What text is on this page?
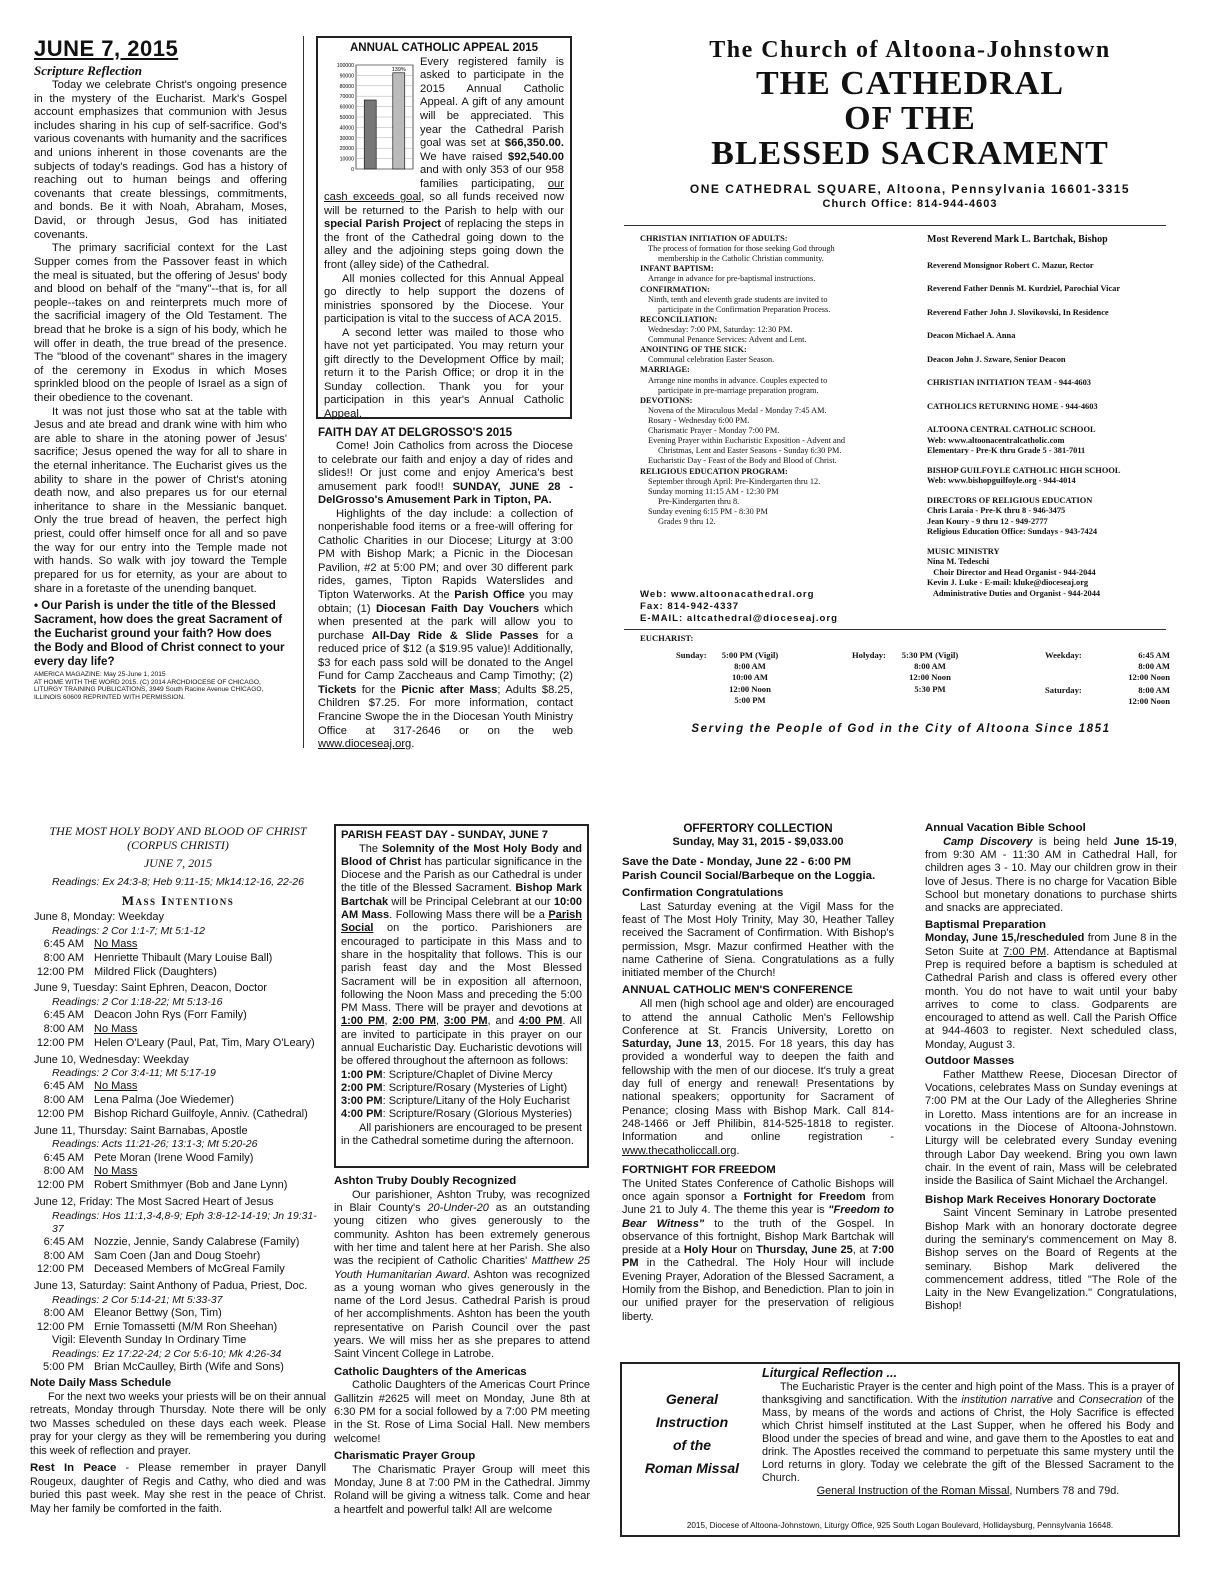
JUNE 7, 2015
Scripture Reflection

Today we celebrate Christ's ongoing presence in the mystery of the Eucharist. Mark's Gospel account emphasizes that communion with Jesus includes sharing in his cup of self-sacrifice. God's various covenants with humanity and the sacrifices and unions inherent in those covenants are the subjects of today's readings. God has a history of reaching out to human beings and offering covenants that create blessings, commitments, and bonds. Be it with Noah, Abraham, Moses, David, or through Jesus, God has initiated covenants.

The primary sacrificial context for the Last Supper comes from the Passover feast in which the meal is situated, but the offering of Jesus' body and blood on behalf of the "many"--that is, for all people--takes on and reinterprets much more of the sacrificial imagery of the Old Testament. The bread that he broke is a sign of his body, which he will offer in death, the true bread of the presence. The "blood of the covenant" shares in the imagery of the ceremony in Exodus in which Moses sprinkled blood on the people of Israel as a sign of their obedience to the covenant.

It was not just those who sat at the table with Jesus and ate bread and drank wine with him who are able to share in the atoning power of Jesus' sacrifice; Jesus opened the way for all to share in the eternal inheritance. The Eucharist gives us the ability to share in the power of Christ's atoning death now, and also prepares us for our eternal inheritance to share in the Messianic banquet. Only the true bread of heaven, the perfect high priest, could offer himself once for all and so pave the way for our entry into the Temple made not with hands. So walk with joy toward the Temple prepared for us for eternity, as your are about to share in a foretaste of the unending banquet.

• Our Parish is under the title of the Blessed Sacrament, how does the great Sacrament of the Eucharist ground your faith? How does the Body and Blood of Christ connect to your every day life?

AMERICA MAGAZINE: May 25-June 1, 2015
AT HOME WITH THE WORD 2015. (C) 2014 ARCHDIOCESE OF CHICAGO, LITURGY TRAINING PUBLICATIONS, 3949 South Racine Avenue CHICAGO, ILLINOIS 60609 REPRINTED WITH PERMISSION.
ANNUAL CATHOLIC APPEAL 2015
100000
90000
80000
70000
60000
50000
40000
30000
20000
10000
0
139%

Every registered family is asked to participate in the 2015 Annual Catholic Appeal. A gift of any amount will be appreciated. This year the Cathedral Parish goal was set at $66,350.00. We have raised $92,540.00 and with only 353 of our 958 families participating, our cash exceeds goal, so all funds received now will be returned to the Parish to help with our special Parish Project of replacing the steps in the front of the Cathedral going down to the alley and the adjoining steps going down the front (alley side) of the Cathedral.

All monies collected for this Annual Appeal go directly to help support the dozens of ministries sponsored by the Diocese. Your participation is vital to the success of ACA 2015.

A second letter was mailed to those who have not yet participated. You may return your gift directly to the Development Office by mail; return it to the Parish Office; or drop it in the Sunday collection. Thank you for your participation in this year's Annual Catholic Appeal.

FAITH DAY AT DELGROSSO'S 2015

Come! Join Catholics from across the Diocese to celebrate our faith and enjoy a day of rides and slides!! Or just come and enjoy America's best amusement park food!! SUNDAY, JUNE 28 - DelGrosso's Amusement Park in Tipton, PA.

Highlights of the day include: a collection of nonperishable food items or a free-will offering for Catholic Charities in our Diocese; Liturgy at 3:00 PM with Bishop Mark; a Picnic in the Diocesan Pavilion, #2 at 5:00 PM; and over 30 different park rides, games, Tipton Rapids Waterslides and Tipton Waterworks. At the Parish Office you may obtain; (1) Diocesan Faith Day Vouchers which when presented at the park will allow you to purchase All-Day Ride & Slide Passes for a reduced price of $12 (a $19.95 value)! Additionally, $3 for each pass sold will be donated to the Angel Fund for Camp Zaccheaus and Camp Timothy; (2) Tickets for the Picnic after Mass; Adults $8.25, Children $7.25. For more information, contact Francine Swope the in the Diocesan Youth Ministry Office at 317-2646 or on the web www.dioceseaj.org.

The Church of Altoona-Johnstown
THE CATHEDRAL
OF THE
BLESSED SACRAMENT
ONE CATHEDRAL SQUARE, Altoona, Pennsylvania 16601-3315
Church Office: 814-944-4603
CHRISTIAN INITIATION OF ADULTS:
The process of formation for those seeking God through
membership in the Catholic Christian community.
INFANT BAPTISM:
Arrange in advance for pre-baptismal instructions.
CONFIRMATION:
Ninth, tenth and eleventh grade students are invited to
participate in the Confirmation Preparation Process.
RECONCILIATION:
Wednesday: 7:00 PM, Saturday: 12:30 PM.
Communal Penance Services: Advent and Lent.
ANOINTING OF THE SICK:
Communal celebration Easter Season.
MARRIAGE:
Arrange nine months in advance. Couples expected to
participate in pre-marriage preparation program.
DEVOTIONS:
Novena of the Miraculous Medal - Monday 7:45 AM.
Rosary - Wednesday 6:00 PM.
Charismatic Prayer - Monday 7:00 PM.
Evening Prayer within Eucharistic Exposition - Advent and
Christmas, Lent and Easter Seasons - Sunday 6:30 PM.
Eucharistic Day - Feast of the Body and Blood of Christ.
RELIGIOUS EDUCATION PROGRAM:
September through April: Pre-Kindergarten thru 12.
Sunday morning 11:15 AM - 12:30 PM
Pre-Kindergarten thru 8.
Sunday evening 6:15 PM - 8:30 PM
Grades 9 thru 12.
Web: www.altoonacathedral.org
Fax: 814-942-4337
E-MAIL: altcathedral@dioceseaj.org
Most Reverend Mark L. Bartchak, Bishop
Reverend Monsignor Robert C. Mazur, Rector
Reverend Father Dennis M. Kurdziel, Parochial Vicar
Reverend Father John J. Slovikovski, In Residence
Deacon Michael A. Anna
Deacon John J. Szware, Senior Deacon
CHRISTIAN INITIATION TEAM - 944-4603
CATHOLICS RETURNING HOME - 944-4603
ALTOONA CENTRAL CATHOLIC SCHOOL
Web: www.altoonacentralcatholic.com
Elementary - Pre-K thru Grade 5 - 381-7011
BISHOP GUILFOYLE CATHOLIC HIGH SCHOOL
Web: www.bishopguilfoyle.org - 944-4014
DIRECTORS OF RELIGIOUS EDUCATION
Chris Laraia - Pre-K thru 8 - 946-3475
Jean Koury - 9 thru 12 - 949-2777
Religious Education Office: Sundays - 943-7424
MUSIC MINISTRY
Nina M. Tedeschi
Choir Director and Head Organist - 944-2044
Kevin J. Luke - E-mail: kluke@dioceseaj.org
Administrative Duties and Organist - 944-2044
EUCHARIST:
Sunday:	5:00 PM (Vigil)
8:00 AM
10:00 AM
12:00 Noon
5:00 PM
Holyday:	5:30 PM (Vigil)
8:00 AM
12:00 Noon
5:30 PM
Weekday:	6:45 AM
8:00 AM
12:00 Noon
Saturday:	8:00 AM
12:00 Noon
Serving the People of God in the City of Altoona Since 1851
THE MOST HOLY BODY AND BLOOD OF CHRIST
(CORPUS CHRISTI)
JUNE 7, 2015
Readings: Ex 24:3-8; Heb 9:11-15; Mk14:12-16, 22-26
Mass Intentions
June 8, Monday: Weekday
Readings: 2 Cor 1:1-7; Mt 5:1-12
6:45 AM No Mass
8:00 AM Henriette Thibault (Mary Louise Ball)
12:00 PM Mildred Flick (Daughters)
June 9, Tuesday: Saint Ephren, Deacon, Doctor
Readings: 2 Cor 1:18-22; Mt 5:13-16
6:45 AM Deacon John Rys (Forr Family)
8:00 AM No Mass
12:00 PM Helen O'Leary (Paul, Pat, Tim, Mary O'Leary)
June 10, Wednesday: Weekday
Readings: 2 Cor 3:4-11; Mt 5:17-19
6:45 AM No Mass
8:00 AM Lena Palma (Joe Wiedemer)
12:00 PM Bishop Richard Guilfoyle, Anniv. (Cathedral)
June 11, Thursday: Saint Barnabas, Apostle
Readings: Acts 11:21-26; 13:1-3; Mt 5:20-26
6:45 AM Pete Moran (Irene Wood Family)
8:00 AM No Mass
12:00 PM Robert Smithmyer (Bob and Jane Lynn)
June 12, Friday: The Most Sacred Heart of Jesus
Readings: Hos 11:1,3-4,8-9; Eph 3:8-12-14-19; Jn 19:31-37
6:45 AM Nozzie, Jennie, Sandy Calabrese (Family)
8:00 AM Sam Coen (Jan and Doug Stoehr)
12:00 PM Deceased Members of McGreal Family
June 13, Saturday: Saint Anthony of Padua, Priest, Doc.
Readings: 2 Cor 5:14-21; Mt 5:33-37
8:00 AM Eleanor Bettwy (Son, Tim)
12:00 PM Ernie Tomassetti (M/M Ron Sheehan)
Vigil: Eleventh Sunday In Ordinary Time
Readings: Ez 17:22-24; 2 Cor 5:6-10; Mk 4:26-34
5:00 PM Brian McCaulley, Birth (Wife and Sons)
Note Daily Mass Schedule

For the next two weeks your priests will be on their annual retreats, Monday through Thursday. Note there will be only two Masses scheduled on these days each week. Please pray for your clergy as they will be remembering you during this week of reflection and prayer.

Rest In Peace - Please remember in prayer Danyll Rougeux, daughter of Regis and Cathy, who died and was buried this past week. May she rest in the peace of Christ. May her family be comforted in the faith.

PARISH FEAST DAY - SUNDAY, JUNE 7

The Solemnity of the Most Holy Body and Blood of Christ has particular significance in the Diocese and the Parish as our Cathedral is under the title of the Blessed Sacrament. Bishop Mark Bartchak will be Principal Celebrant at our 10:00 AM Mass. Following Mass there will be a Parish Social on the portico. Parishioners are encouraged to participate in this Mass and to share in the hospitality that follows. This is our parish feast day and the Most Blessed Sacrament will be in exposition all afternoon, following the Noon Mass and preceding the 5:00 PM Mass. There will be prayer and devotions at 1:00 PM, 2:00 PM, 3:00 PM, and 4:00 PM. All are invited to participate in this prayer on our annual Eucharistic Day. Eucharistic devotions will be offered throughout the afternoon as follows:

1:00 PM: Scripture/Chaplet of Divine Mercy
2:00 PM: Scripture/Rosary (Mysteries of Light)
3:00 PM: Scripture/Litany of the Holy Eucharist
4:00 PM: Scripture/Rosary (Glorious Mysteries)

All parishioners are encouraged to be present in the Cathedral sometime during the afternoon.

Ashton Truby Doubly Recognized

Our parishioner, Ashton Truby, was recognized in Blair County's 20-Under-20 as an outstanding young citizen who gives generously to the community. Ashton has been extremely generous with her time and talent here at her Parish. She also was the recipient of Catholic Charities' Matthew 25 Youth Humanitarian Award. Ashton was recognized as a young woman who gives generously in the name of the Lord Jesus. Cathedral Parish is proud of her accomplishments. Ashton has been the youth representative on Parish Council over the past years. We will miss her as she prepares to attend Saint Vincent College in Latrobe.

Catholic Daughters of the Americas

Catholic Daughters of the Americas Court Prince Gallitzin #2625 will meet on Monday, June 8th at 6:30 PM for a social followed by a 7:00 PM meeting in the St. Rose of Lima Social Hall. New members welcome!

Charismatic Prayer Group

The Charismatic Prayer Group will meet this Monday, June 8 at 7:00 PM in the Cathedral. Jimmy Roland will be giving a witness talk. Come and hear a heartfelt and powerful talk! All are welcome

OFFERTORY COLLECTION
Sunday, May 31, 2015 - $9,033.00
Save the Date - Monday, June 22 - 6:00 PM
Parish Council Social/Barbeque on the Loggia.
Confirmation Congratulations

Last Saturday evening at the Vigil Mass for the feast of The Most Holy Trinity, May 30, Heather Talley received the Sacrament of Confirmation. With Bishop's permission, Msgr. Mazur confirmed Heather with the name Catherine of Siena. Congratulations as a fully initiated member of the Church!

ANNUAL CATHOLIC MEN'S CONFERENCE

All men (high school age and older) are encouraged to attend the annual Catholic Men's Fellowship Conference at St. Francis University, Loretto on Saturday, June 13, 2015. For 18 years, this day has provided a wonderful way to deepen the faith and fellowship with the men of our diocese. It's truly a great day full of energy and renewal! Presentations by national speakers; opportunity for Sacrament of Penance; closing Mass with Bishop Mark. Call 814-248-1466 or Jeff Philibin, 814-525-1818 to register. Information and online registration - www.thecatholiccall.org.

FORTNIGHT FOR FREEDOM

The United States Conference of Catholic Bishops will once again sponsor a Fortnight for Freedom from June 21 to July 4. The theme this year is "Freedom to Bear Witness" to the truth of the Gospel. In observance of this fortnight, Bishop Mark Bartchak will preside at a Holy Hour on Thursday, June 25, at 7:00 PM in the Cathedral. The Holy Hour will include Evening Prayer, Adoration of the Blessed Sacrament, a Homily from the Bishop, and Benediction. Plan to join in our unified prayer for the preservation of religious liberty.

Annual Vacation Bible School

Camp Discovery is being held June 15-19, from 9:30 AM - 11:30 AM in Cathedral Hall, for children ages 3 - 10. May our children grow in their love of Jesus. There is no charge for Vacation Bible School but monetary donations to purchase shirts and snacks are appreciated.

Baptismal Preparation

Monday, June 15,/rescheduled from June 8 in the Seton Suite at 7:00 PM. Attendance at Baptismal Prep is required before a baptism is scheduled at Cathedral Parish and class is offered every other month. You do not have to wait until your baby arrives to come to class. Godparents are encouraged to attend as well. Call the Parish Office at 944-4603 to register. Next scheduled class, Monday, August 3.

Outdoor Masses

Father Matthew Reese, Diocesan Director of Vocations, celebrates Mass on Sunday evenings at 7:00 PM at the Our Lady of the Allegheries Shrine in Loretto. Mass intentions are for an increase in vocations in the Diocese of Altoona-Johnstown. Liturgy will be celebrated every Sunday evening through Labor Day weekend. Bring you own lawn chair. In the event of rain, Mass will be celebrated inside the Basilica of Saint Michael the Archangel.

Bishop Mark Receives Honorary Doctorate

Saint Vincent Seminary in Latrobe presented Bishop Mark with an honorary doctorate degree during the seminary's commencement on May 8. Bishop serves on the Board of Regents at the seminary. Bishop Mark delivered the commencement address, titled "The Role of the Laity in the New Evangelization." Congratulations, Bishop!

General
Instruction
of the
Roman Missal
Liturgical Reflection ...

The Eucharistic Prayer is the center and high point of the Mass. This is a prayer of thanksgiving and sanctification. With the institution narrative and Consecration of the Mass, by means of the words and actions of Christ, the Holy Sacrifice is effected which Christ himself instituted at the Last Supper, when he offered his Body and Blood under the species of bread and wine, and gave them to the Apostles to eat and drink. The Apostles received the command to perpetuate this same mystery until the Lord returns in glory. Today we celebrate the gift of the Blessed Sacrament to the Church.

General Instruction of the Roman Missal, Numbers 78 and 79d.
2015, Diocese of Altoona-Johnstown, Liturgy Office, 925 South Logan Boulevard, Hollidaysburg, Pennsylvania 16648.
